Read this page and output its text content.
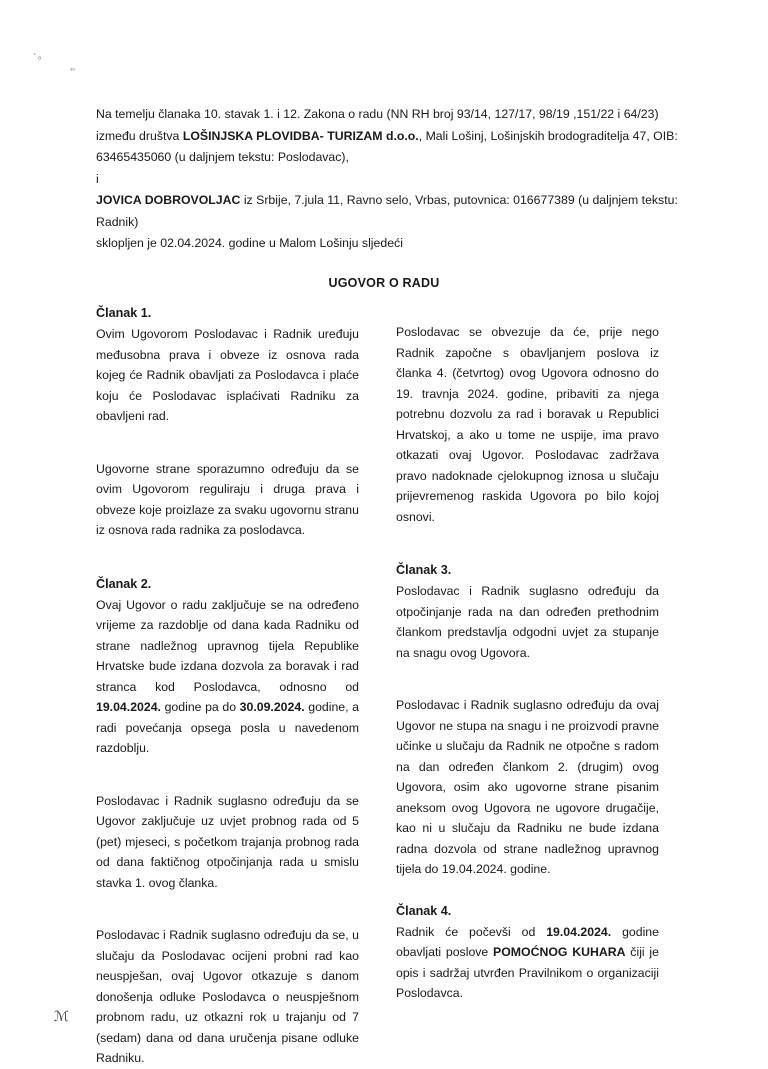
ʻ ₀
₃ₒ
Na temelju članaka 10. stavak 1. i 12. Zakona o radu (NN RH broj 93/14, 127/17, 98/19 ,151/22 i 64/23)
između društva LOŠINJSKA PLOVIDBA- TURIZAM d.o.o., Mali Lošinj, Lošinjskih brodograditelja 47, OIB:
63465435060 (u daljnjem tekstu: Poslodavac),
i
JOVICA DOBROVOLJAC iz Srbije, 7.jula 11, Ravno selo, Vrbas, putovnica: 016677389 (u daljnjem tekstu:
Radnik)
sklopljen je 02.04.2024. godine u Malom Lošinju sljedeći
UGOVOR O RADU

Članak 1.

Ovim Ugovorom Poslodavac i Radnik uređuju međusobna prava i obveze iz osnova rada kojeg će Radnik obavljati za Poslodavca i plaće koju će Poslodavac isplaćivati Radniku za obavljeni rad.

Ugovorne strane sporazumno određuju da se ovim Ugovorom reguliraju i druga prava i obveze koje proizlaze za svaku ugovornu stranu iz osnova rada radnika za poslodavca.

Članak 2.

Ovaj Ugovor o radu zaključuje se na određeno vrijeme za razdoblje od dana kada Radniku od strane nadležnog upravnog tijela Republike Hrvatske bude izdana dozvola za boravak i rad stranca kod Poslodavca, odnosno od 19.04.2024. godine pa do 30.09.2024. godine, a radi povećanja opsega posla u navedenom razdoblju.

Poslodavac i Radnik suglasno određuju da se Ugovor zaključuje uz uvjet probnog rada od 5 (pet) mjeseci, s početkom trajanja probnog rada od dana faktičnog otpočinjanja rada u smislu stavka 1. ovog članka.

Poslodavac i Radnik suglasno određuju da se, u slučaju da Poslodavac ocijeni probni rad kao neuspješan, ovaj Ugovor otkazuje s danom donošenja odluke Poslodavca o neuspješnom probnom radu, uz otkazni rok u trajanju od 7 (sedam) dana od dana uručenja pisane odluke Radniku.

Poslodavac se obvezuje da će, prije nego Radnik započne s obavljanjem poslova iz članka 4. (četvrtog) ovog Ugovora odnosno do 19. travnja 2024. godine, pribaviti za njega potrebnu dozvolu za rad i boravak u Republici Hrvatskoj, a ako u tome ne uspije, ima pravo otkazati ovaj Ugovor. Poslodavac zadržava pravo nadoknade cjelokupnog iznosa u slučaju prijevremenog raskida Ugovora po bilo kojoj osnovi.

Članak 3.

Poslodavac i Radnik suglasno određuju da otpočinjanje rada na dan određen prethodnim člankom predstavlja odgodni uvjet za stupanje na snagu ovog Ugovora.

Poslodavac i Radnik suglasno određuju da ovaj Ugovor ne stupa na snagu i ne proizvodi pravne učinke u slučaju da Radnik ne otpočne s radom na dan određen člankom 2. (drugim) ovog Ugovora, osim ako ugovorne strane pisanim aneksom ovog Ugovora ne ugovore drugačije, kao ni u slučaju da Radniku ne bude izdana radna dozvola od strane nadležnog upravnog tijela do 19.04.2024. godine.

Članak 4.

Radnik će počevši od 19.04.2024. godine obavljati poslove POMOĆNOG KUHARA čiji je opis i sadržaj utvrđen Pravilnikom o organizaciji Poslodavca.

ℳ
